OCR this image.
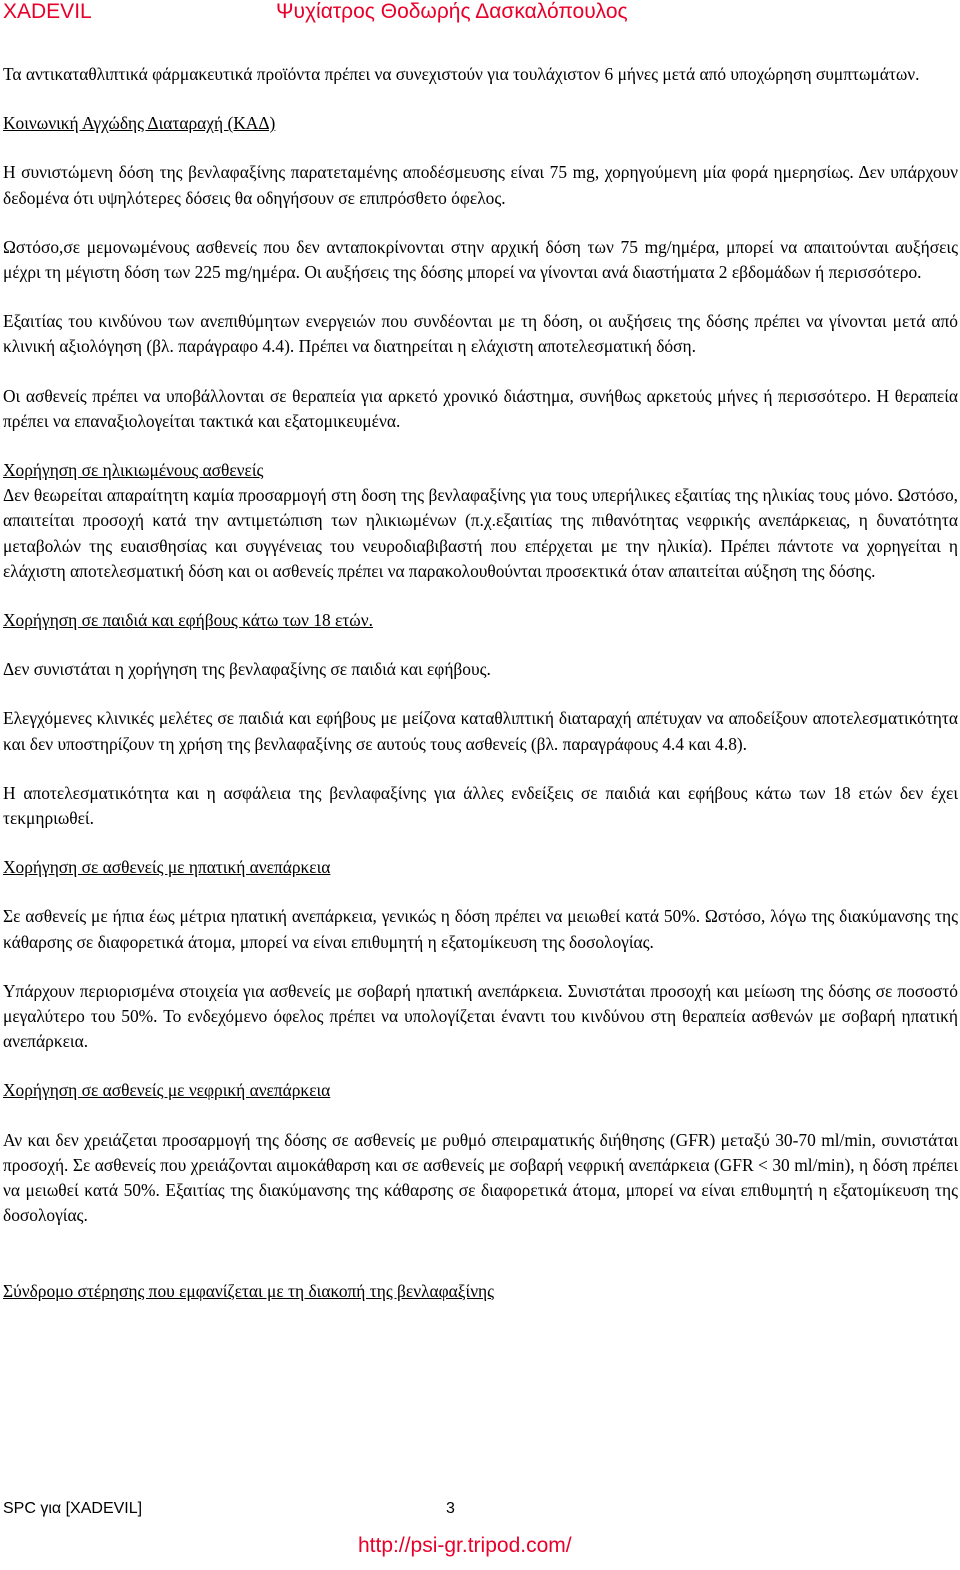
XADEVIL	Ψυχίατρος Θοδωρής Δασκαλόπουλος

Τα αντικαταθλιπτικά φάρμακευτικά προϊόντα πρέπει να συνεχιστούν για τουλάχιστον 6 μήνες μετά από υποχώρηση συμπτωμάτων.

Κοινωνική Αγχώδης Διαταραχή (ΚΑΔ)

Η συνιστώμενη δόση της βενλαφαξίνης παρατεταμένης αποδέσμευσης είναι 75 mg, χορηγούμενη μία φορά ημερησίως. Δεν υπάρχουν δεδομένα ότι υψηλότερες δόσεις θα οδηγήσουν σε επιπρόσθετο όφελος.

Ωστόσο,σε μεμονωμένους ασθενείς που δεν ανταποκρίνονται στην αρχική δόση των 75 mg/ημέρα, μπορεί να απαιτούνται αυξήσεις μέχρι τη μέγιστη δόση των 225 mg/ημέρα. Οι αυξήσεις της δόσης μπορεί να γίνονται ανά διαστήματα 2 εβδομάδων ή περισσότερο.

Εξαιτίας του κινδύνου των ανεπιθύμητων ενεργειών που συνδέονται με τη δόση, οι αυξήσεις της δόσης πρέπει να γίνονται μετά από κλινική αξιολόγηση (βλ. παράγραφο 4.4). Πρέπει να διατηρείται η ελάχιστη αποτελεσματική δόση.

Οι ασθενείς πρέπει να υποβάλλονται σε θεραπεία για αρκετό χρονικό διάστημα, συνήθως αρκετούς μήνες ή περισσότερο. Η θεραπεία πρέπει να επαναξιολογείται τακτικά και εξατομικευμένα.

Χορήγηση σε ηλικιωμένους ασθενείς

Δεν θεωρείται απαραίτητη καμία προσαρμογή στη δοση της βενλαφαξίνης για τους υπερήλικες εξαιτίας της ηλικίας τους μόνο. Ωστόσο, απαιτείται προσοχή κατά την αντιμετώπιση των ηλικιωμένων (π.χ.εξαιτίας της πιθανότητας νεφρικής ανεπάρκειας, η δυνατότητα μεταβολών της ευαισθησίας και συγγένειας του νευροδιαβιβαστή που επέρχεται με την ηλικία). Πρέπει πάντοτε να χορηγείται η ελάχιστη αποτελεσματική δόση και οι ασθενείς πρέπει να παρακολουθούνται προσεκτικά όταν απαιτείται αύξηση της δόσης.

Χορήγηση σε παιδιά και εφήβους κάτω των 18 ετών.

Δεν συνιστάται η χορήγηση της βενλαφαξίνης σε παιδιά και εφήβους.

Ελεγχόμενες κλινικές μελέτες σε παιδιά και εφήβους με μείζονα καταθλιπτική διαταραχή απέτυχαν να αποδείξουν αποτελεσματικότητα και δεν υποστηρίζουν τη χρήση της βενλαφαξίνης σε αυτούς τους ασθενείς (βλ. παραγράφους 4.4 και 4.8).

Η αποτελεσματικότητα και η ασφάλεια της βενλαφαξίνης για άλλες ενδείξεις σε παιδιά και εφήβους κάτω των 18 ετών δεν έχει τεκμηριωθεί.

Χορήγηση σε ασθενείς με ηπατική ανεπάρκεια

Σε ασθενείς με ήπια έως μέτρια ηπατική ανεπάρκεια, γενικώς η δόση πρέπει να μειωθεί κατά 50%. Ωστόσο, λόγω της διακύμανσης της κάθαρσης σε διαφορετικά άτομα, μπορεί να είναι επιθυμητή η εξατομίκευση της δοσολογίας.

Υπάρχουν περιορισμένα στοιχεία για ασθενείς με σοβαρή ηπατική ανεπάρκεια. Συνιστάται προσοχή και μείωση της δόσης σε ποσοστό μεγαλύτερο του 50%. Το ενδεχόμενο όφελος πρέπει να υπολογίζεται έναντι του κινδύνου στη θεραπεία ασθενών με σοβαρή ηπατική ανεπάρκεια.

Χορήγηση σε ασθενείς με νεφρική ανεπάρκεια

Αν και δεν χρειάζεται προσαρμογή της δόσης σε ασθενείς με ρυθμό σπειραματικής διήθησης (GFR) μεταξύ 30-70 ml/min, συνιστάται προσοχή. Σε ασθενείς που χρειάζονται αιμοκάθαρση και σε ασθενείς με σοβαρή νεφρική ανεπάρκεια (GFR < 30 ml/min), η δόση πρέπει να μειωθεί κατά 50%. Εξαιτίας της διακύμανσης της κάθαρσης σε διαφορετικά άτομα, μπορεί να είναι επιθυμητή η εξατομίκευση της δοσολογίας.

Σύνδρομο στέρησης που εμφανίζεται με τη διακοπή της βενλαφαξίνης

SPC για [XADEVIL]	3
http://psi-gr.tripod.com/
